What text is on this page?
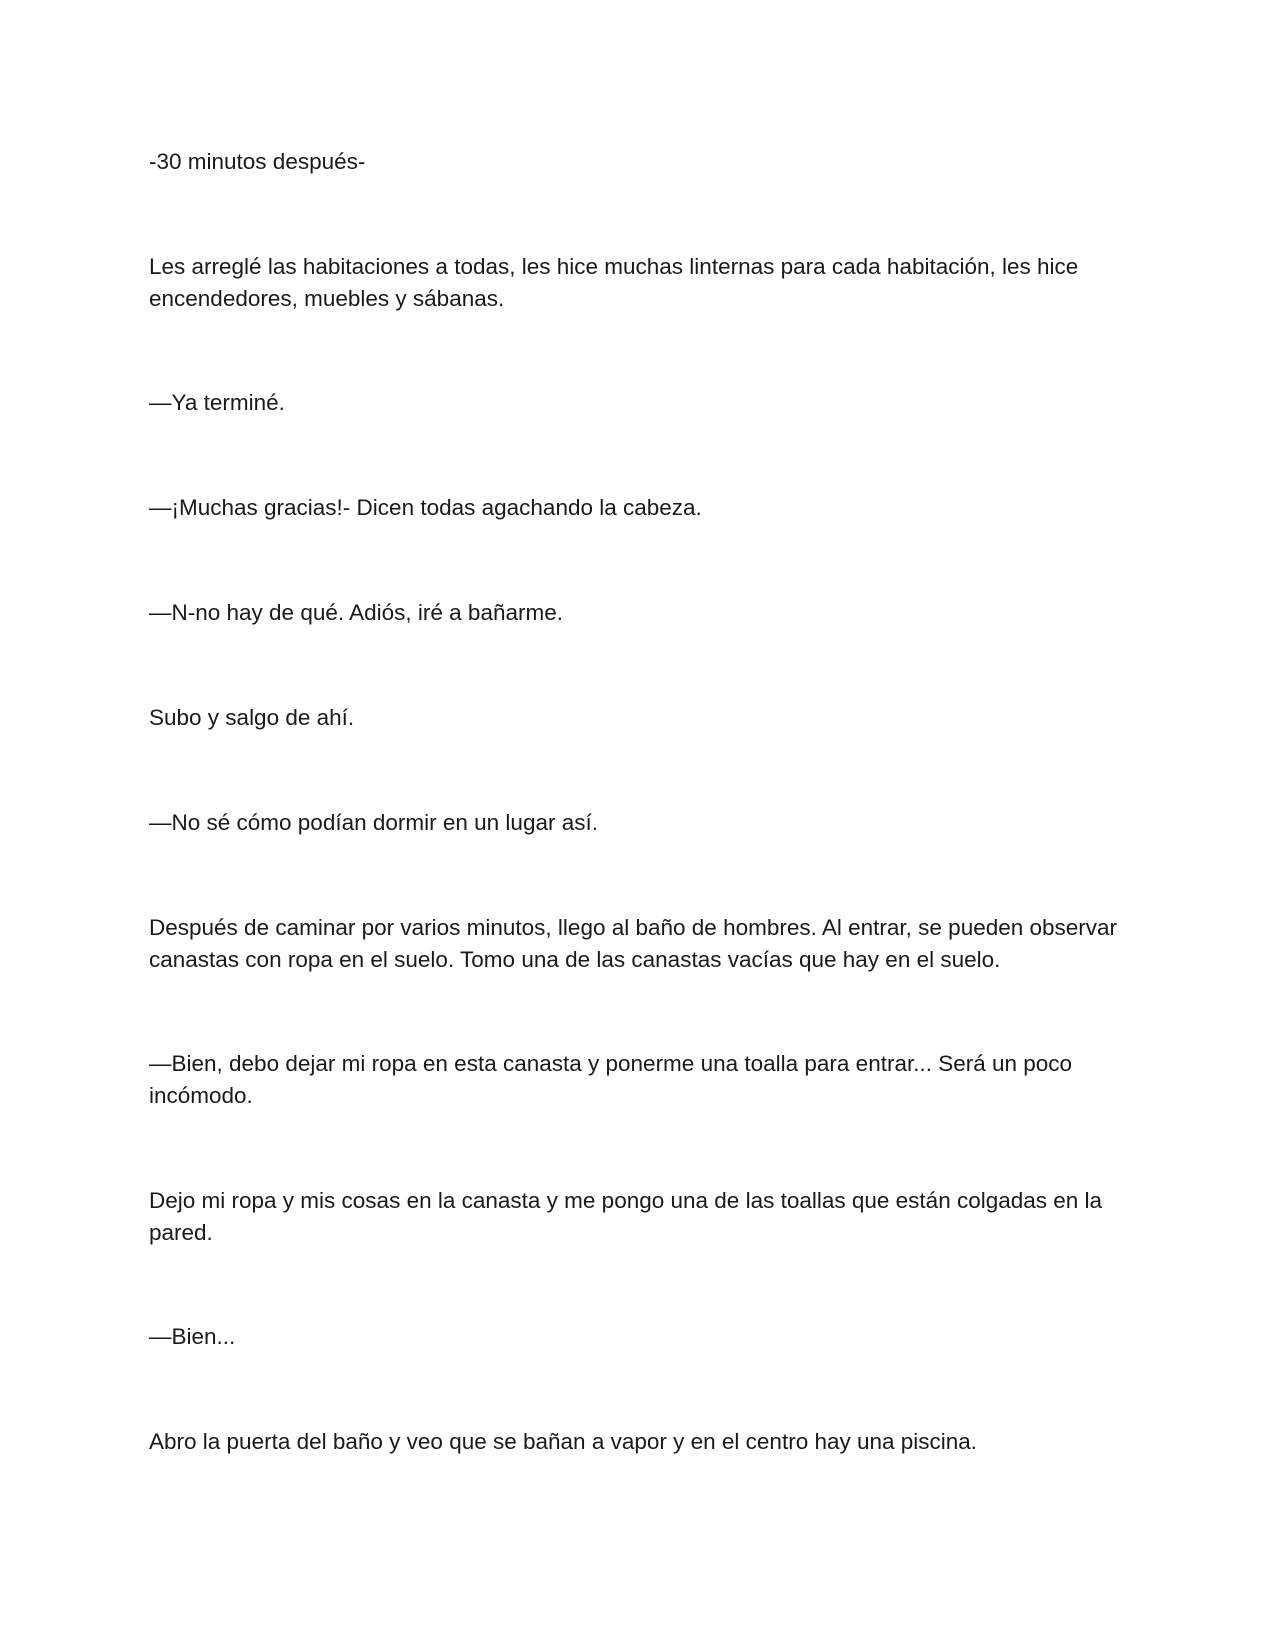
-30 minutos después-

Les arreglé las habitaciones a todas, les hice muchas linternas para cada habitación, les hice encendedores, muebles y sábanas.

—Ya terminé.

—¡Muchas gracias!- Dicen todas agachando la cabeza.

—N-no hay de qué. Adiós, iré a bañarme.

Subo y salgo de ahí.

—No sé cómo podían dormir en un lugar así.

Después de caminar por varios minutos, llego al baño de hombres. Al entrar, se pueden observar canastas con ropa en el suelo. Tomo una de las canastas vacías que hay en el suelo.

—Bien, debo dejar mi ropa en esta canasta y ponerme una toalla para entrar... Será un poco incómodo.

Dejo mi ropa y mis cosas en la canasta y me pongo una de las toallas que están colgadas en la pared.

—Bien...

Abro la puerta del baño y veo que se bañan a vapor y en el centro hay una piscina.
